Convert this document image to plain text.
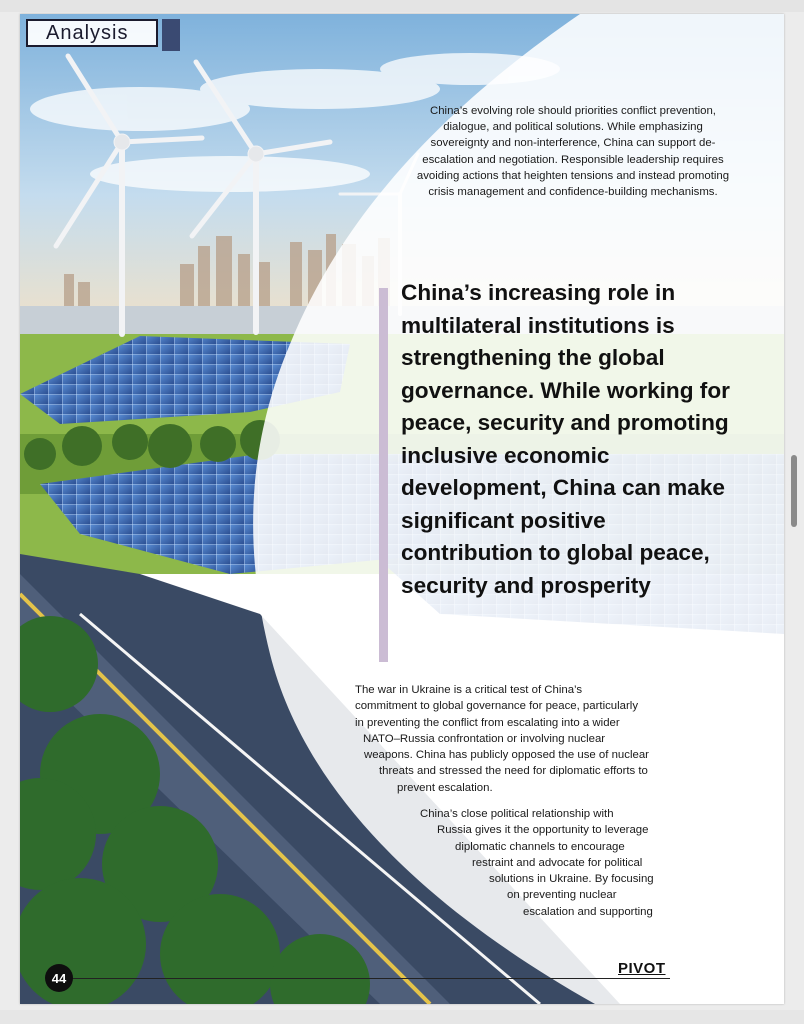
Analysis

China’s evolving role should priorities conflict prevention, dialogue, and political solutions. While emphasizing sovereignty and non-interference, China can support de-escalation and negotiation. Responsible leadership requires avoiding actions that heighten tensions and instead promoting crisis management and confidence-building mechanisms.

China’s increasing role in multilateral institutions is strengthening the global governance. While working for peace, security and promoting inclusive economic development, China can make significant positive contribution to global peace, security and prosperity

The war in Ukraine is a critical test of China’s
commitment to global governance for peace, particularly
in preventing the conflict from escalating into a wider
NATO–Russia confrontation or involving nuclear
weapons. China has publicly opposed the use of nuclear
threats and stressed the need for diplomatic efforts to
prevent escalation.

China’s close political relationship with
Russia gives it the opportunity to leverage
diplomatic channels to encourage
restraint and advocate for political
solutions in Ukraine. By focusing
on preventing nuclear
escalation and supporting

44
PIVOT
